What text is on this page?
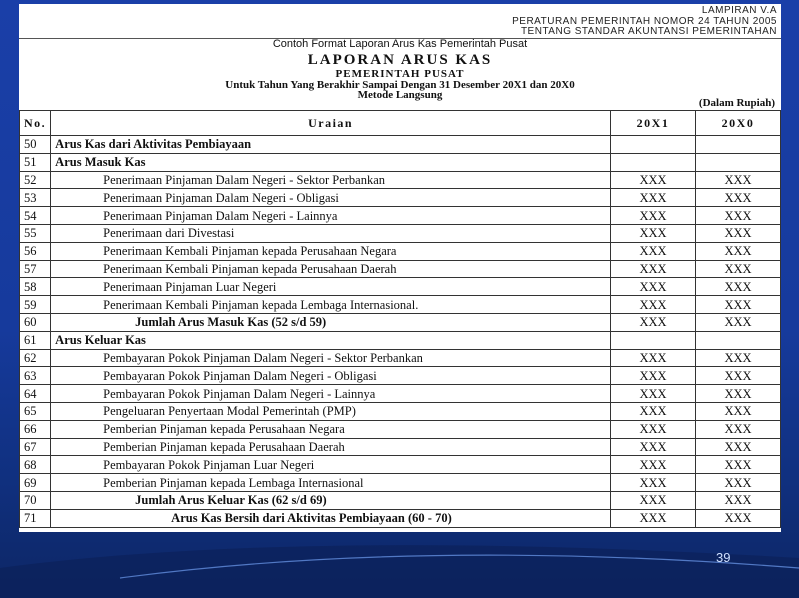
LAMPIRAN V.A
PERATURAN PEMERINTAH NOMOR 24 TAHUN 2005
TENTANG STANDAR AKUNTANSI PEMERINTAHAN
Contoh Format Laporan Arus Kas Pemerintah Pusat
LAPORAN ARUS KAS
PEMERINTAH PUSAT
Untuk Tahun Yang Berakhir Sampai Dengan 31 Desember 20X1 dan 20X0
Metode Langsung
(Dalam Rupiah)
No.	Uraian	20X1	20X0
50	Arus Kas dari Aktivitas Pembiayaan		
51	Arus Masuk Kas		
52	Penerimaan Pinjaman Dalam Negeri - Sektor Perbankan	XXX	XXX
53	Penerimaan Pinjaman Dalam Negeri - Obligasi	XXX	XXX
54	Penerimaan Pinjaman Dalam Negeri - Lainnya	XXX	XXX
55	Penerimaan dari Divestasi	XXX	XXX
56	Penerimaan Kembali Pinjaman kepada Perusahaan Negara	XXX	XXX
57	Penerimaan Kembali Pinjaman kepada Perusahaan Daerah	XXX	XXX
58	Penerimaan Pinjaman Luar Negeri	XXX	XXX
59	Penerimaan Kembali Pinjaman kepada Lembaga Internasional.	XXX	XXX
60	Jumlah Arus Masuk Kas (52 s/d 59)	XXX	XXX
61	Arus Keluar Kas		
62	Pembayaran Pokok Pinjaman Dalam Negeri - Sektor Perbankan	XXX	XXX
63	Pembayaran Pokok Pinjaman Dalam Negeri - Obligasi	XXX	XXX
64	Pembayaran Pokok Pinjaman Dalam Negeri - Lainnya	XXX	XXX
65	Pengeluaran Penyertaan Modal Pemerintah (PMP)	XXX	XXX
66	Pemberian Pinjaman kepada Perusahaan Negara	XXX	XXX
67	Pemberian Pinjaman kepada Perusahaan Daerah	XXX	XXX
68	Pembayaran Pokok Pinjaman Luar Negeri	XXX	XXX
69	Pemberian Pinjaman kepada Lembaga Internasional	XXX	XXX
70	Jumlah Arus Keluar Kas (62 s/d 69)	XXX	XXX
71	Arus Kas Bersih dari Aktivitas Pembiayaan (60 - 70)	XXX	XXX
39
